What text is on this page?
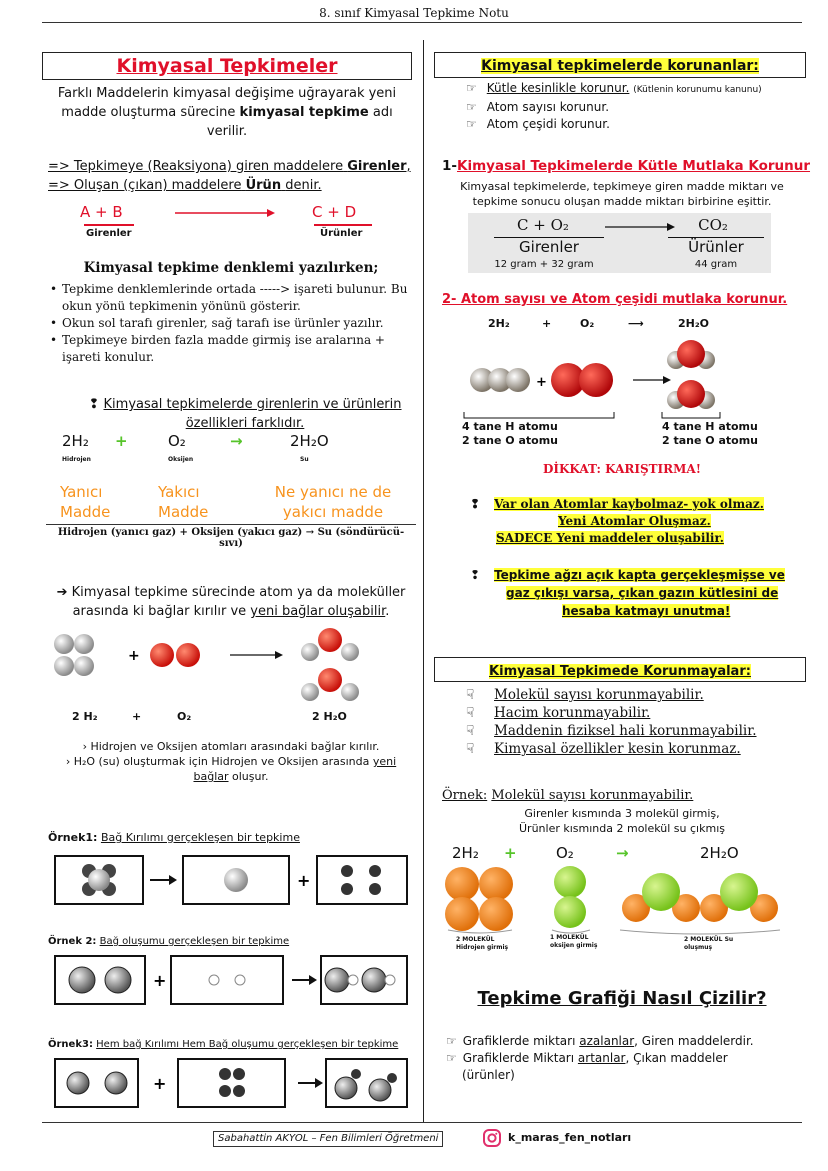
8. sınıf Kimyasal Tepkime Notu
Kimyasal Tepkimeler
Farklı Maddelerin kimyasal değişime uğrayarak yeni
madde oluşturma sürecine kimyasal tepkime adı
verilir.
=> Tepkimeye (Reaksiyona) giren maddelere Girenler,
=> Oluşan (çıkan) maddelere Ürün denir.
A + B
Girenler
C + D
Ürünler
Kimyasal tepkime denklemi yazılırken;
• Tepkime denklemlerinde ortada -----> işareti bulunur. Bu okun yönü tepkimenin yönünü gösterir.
• Okun sol tarafı girenler, sağ tarafı ise ürünler yazılır.
• Tepkimeye birden fazla madde girmiş ise aralarına + işareti konulur.
❢ Kimyasal tepkimelerde girenlerin ve ürünlerin
özellikleri farklıdır.
2H₂ +	O₂	→	2H₂O
Hidrojen	Oksijen	Su
Yanıcı Madde
Yakıcı Madde
Ne yanıcı ne de yakıcı madde
Hidrojen (yanıcı gaz) + Oksijen (yakıcı gaz) → Su (söndürücü-sıvı)
➔ Kimyasal tepkime sürecinde atom ya da moleküller
arasında ki bağlar kırılır ve yeni bağlar oluşabilir.
+
2 H₂	+	O₂	2 H₂O
› Hidrojen ve Oksijen atomları arasındaki bağlar kırılır.
› H₂O (su) oluşturmak için Hidrojen ve Oksijen arasında yeni
bağlar oluşur.
Örnek1: Bağ Kırılımı gerçekleşen bir tepkime
+
Örnek 2: Bağ oluşumu gerçekleşen bir tepkime
+
Örnek3: Hem bağ Kırılımı Hem Bağ oluşumu gerçekleşen bir tepkime
+
Kimyasal tepkimelerde korunanlar:
☞ Kütle kesinlikle korunur. (Kütlenin korunumu kanunu)
☞ Atom sayısı korunur.
☞ Atom çeşidi korunur.
1-Kimyasal Tepkimelerde Kütle Mutlaka Korunur
Kimyasal tepkimelerde, tepkimeye giren madde miktarı ve
tepkime sonucu oluşan madde miktarı birbirine eşittir.
C + O₂	CO₂
Girenler	Ürünler
12 gram + 32 gram	44 gram
2- Atom sayısı ve Atom çeşidi mutlaka korunur.
2H₂	+	O₂	⟶	2H₂O
+
4 tane H atomu
2 tane O atomu
4 tane H atomu
2 tane O atomu
DİKKAT: KARIŞTIRMA!
❢ Var olan Atomlar kaybolmaz- yok olmaz.
Yeni Atomlar Oluşmaz.
SADECE Yeni maddeler oluşabilir.
❢ Tepkime ağzı açık kapta gerçekleşmişse ve
gaz çıkışı varsa, çıkan gazın kütlesini de
hesaba katmayı unutma!
Kimyasal Tepkimede Korunmayalar:
☟ Molekül sayısı korunmayabilir.
☟ Hacim korunmayabilir.
☟ Maddenin fiziksel hali korunmayabilir.
☟ Kimyasal özellikler kesin korunmaz.
Örnek: Molekül sayısı korunmayabilir.
Girenler kısmında 3 molekül girmiş,
Ürünler kısmında 2 molekül su çıkmış
2H₂ +	O₂	→	2H₂O
2 MOLEKÜL Hidrojen girmiş
1 MOLEKÜL oksijen girmiş
2 MOLEKÜL Su oluşmuş
Tepkime Grafiği Nasıl Çizilir?
☞ Grafiklerde miktarı azalanlar, Giren maddelerdir.
☞ Grafiklerde Miktarı artanlar, Çıkan maddeler
(ürünler)
Sabahattin AKYOL – Fen Bilimleri Öğretmeni	k_maras_fen_notları
